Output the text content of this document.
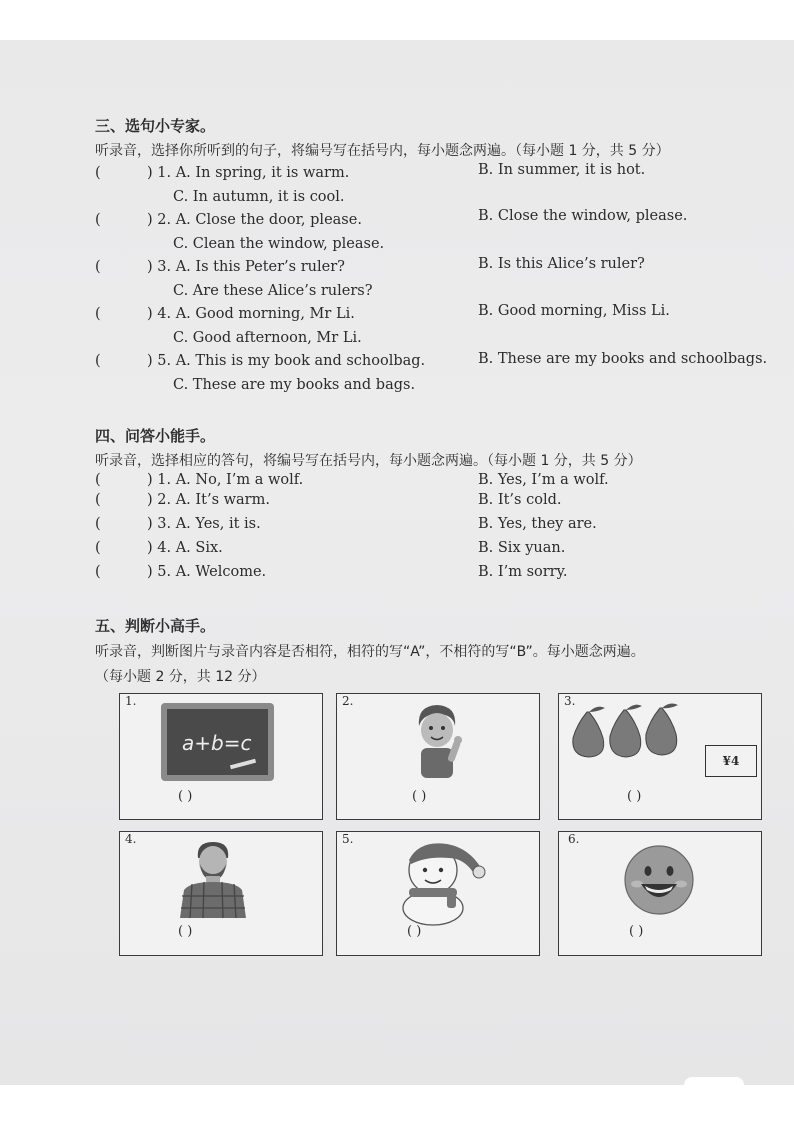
三、选句小专家。
听录音，选择你所听到的句子，将编号写在括号内，每小题念两遍。（每小题 1 分，共 5 分）
(	) 1. A. In spring, it is warm.	B. In summer, it is hot.
C. In autumn, it is cool.
(	) 2. A. Close the door, please.	B. Close the window, please.
C. Clean the window, please.
(	) 3. A. Is this Peter’s ruler?	B. Is this Alice’s ruler?
C. Are these Alice’s rulers?
(	) 4. A. Good morning, Mr Li.	B. Good morning, Miss Li.
C. Good afternoon, Mr Li.
(	) 5. A. This is my book and schoolbag.	B. These are my books and schoolbags.
C. These are my books and bags.
四、问答小能手。
听录音，选择相应的答句，将编号写在括号内，每小题念两遍。（每小题 1 分，共 5 分）
(	) 1. A. No, I’m a wolf.	B. Yes, I’m a wolf.
(	) 2. A. It’s warm.	B. It’s cold.
(	) 3. A. Yes, it is.	B. Yes, they are.
(	) 4. A. Six.	B. Six yuan.
(	) 5. A. Welcome.	B. I’m sorry.
五、判断小高手。
听录音，判断图片与录音内容是否相符，相符的写“A”，不相符的写“B”。每小题念两遍。
（每小题 2 分，共 12 分）
1.
a+b=c
( )
2.
( )
3.
¥4
( )
4.
( )
5.
( )
6.
( )
